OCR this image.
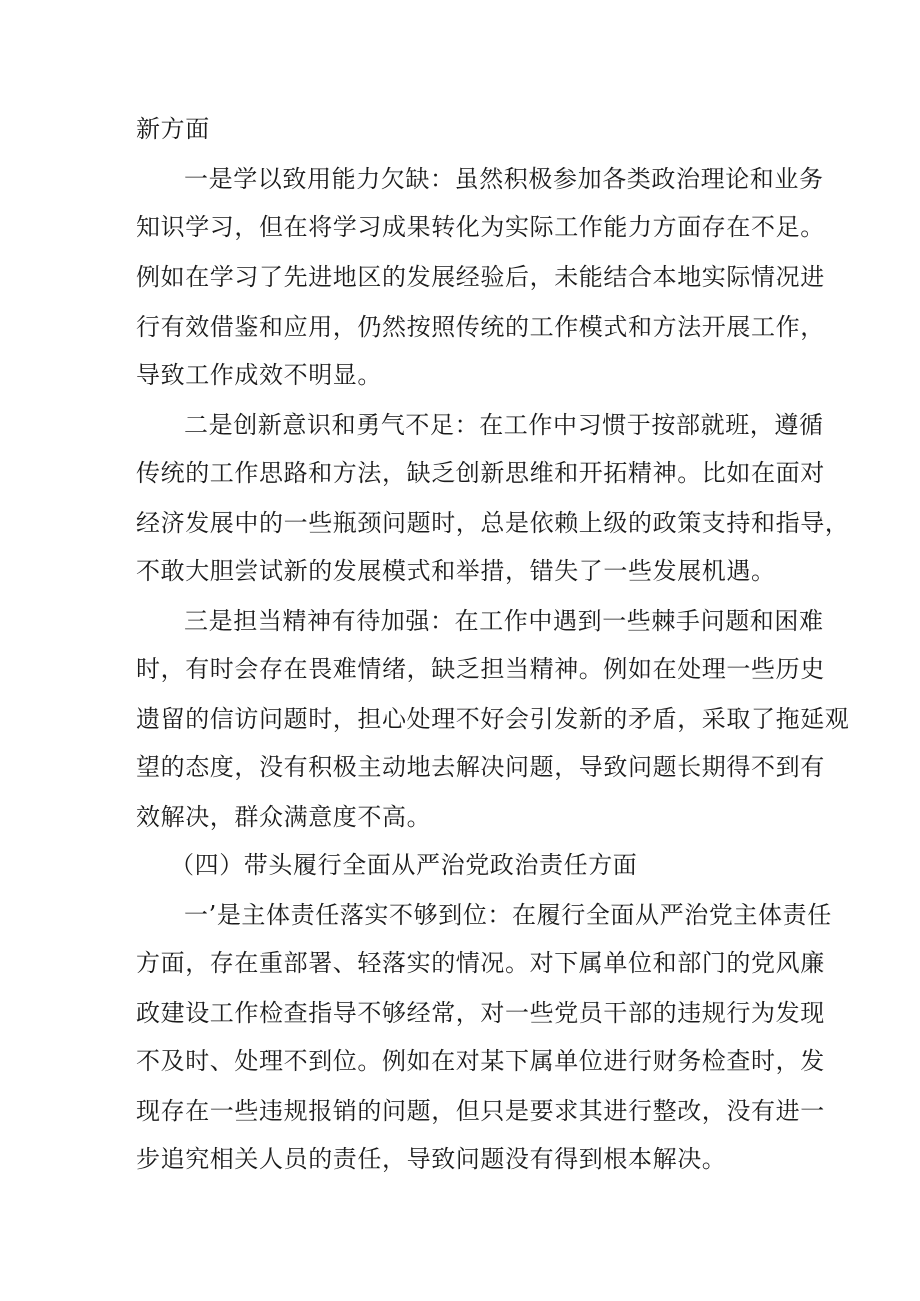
新方面
一是学以致用能力欠缺：虽然积极参加各类政治理论和业务
知识学习，但在将学习成果转化为实际工作能力方面存在不足。
例如在学习了先进地区的发展经验后，未能结合本地实际情况进
行有效借鉴和应用，仍然按照传统的工作模式和方法开展工作，
导致工作成效不明显。
二是创新意识和勇气不足：在工作中习惯于按部就班，遵循
传统的工作思路和方法，缺乏创新思维和开拓精神。比如在面对
经济发展中的一些瓶颈问题时，总是依赖上级的政策支持和指导，
不敢大胆尝试新的发展模式和举措，错失了一些发展机遇。
三是担当精神有待加强：在工作中遇到一些棘手问题和困难
时，有时会存在畏难情绪，缺乏担当精神。例如在处理一些历史
遗留的信访问题时，担心处理不好会引发新的矛盾，采取了拖延观
望的态度，没有积极主动地去解决问题，导致问题长期得不到有
效解决，群众满意度不高。
（四）带头履行全面从严治党政治责任方面
一’是主体责任落实不够到位：在履行全面从严治党主体责任
方面，存在重部署、轻落实的情况。对下属单位和部门的党风廉
政建设工作检查指导不够经常，对一些党员干部的违规行为发现
不及时、处理不到位。例如在对某下属单位进行财务检查时，发
现存在一些违规报销的问题，但只是要求其进行整改，没有进一
步追究相关人员的责任，导致问题没有得到根本解决。
